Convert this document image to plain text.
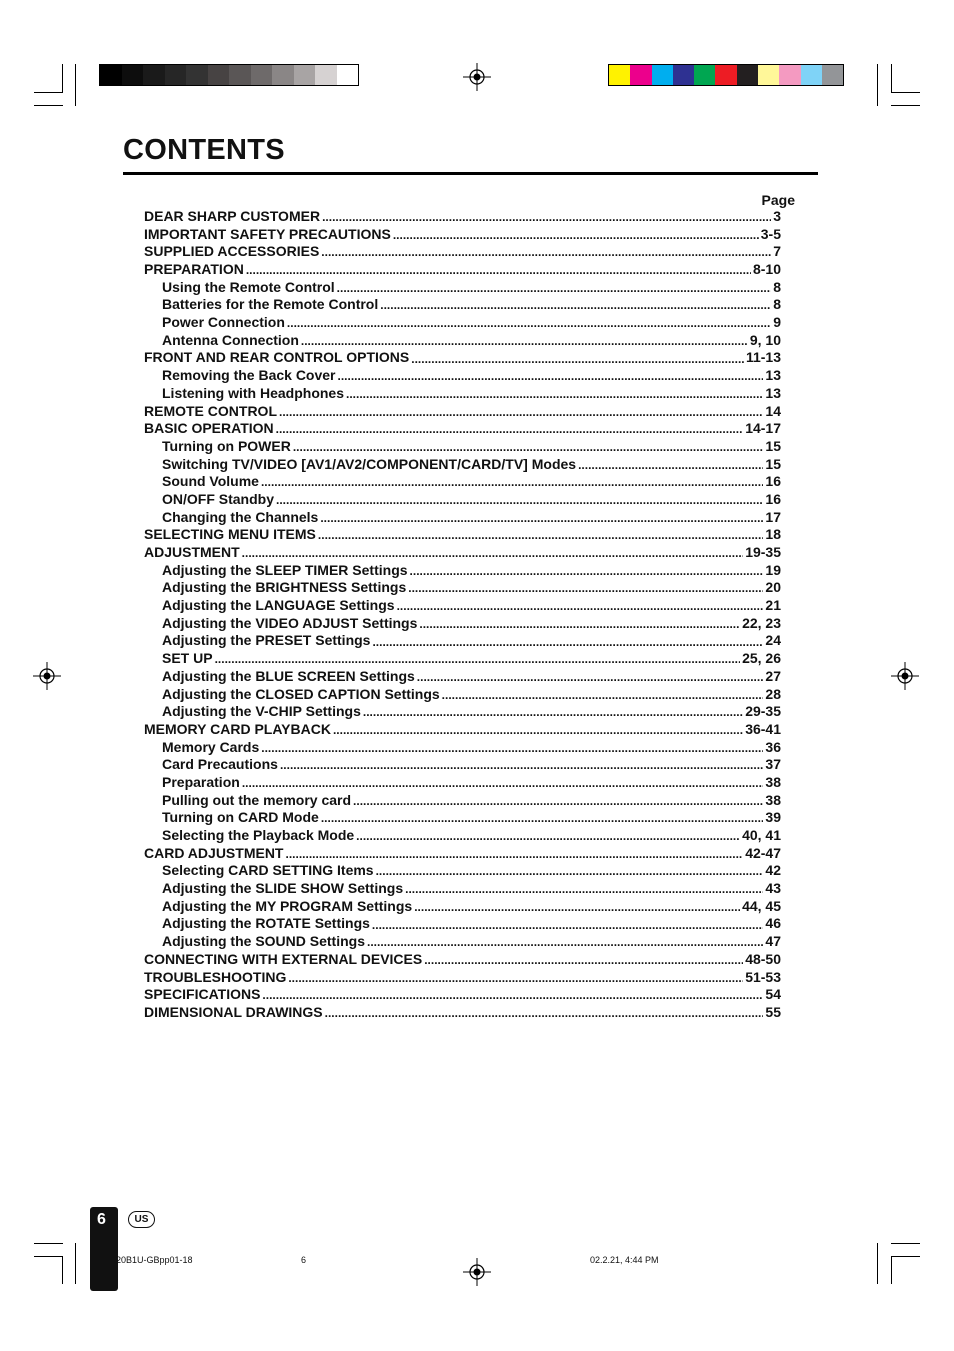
CONTENTS
Page
DEAR SHARP CUSTOMER .....	3
IMPORTANT SAFETY PRECAUTIONS .....	3-5
SUPPLIED ACCESSORIES .....	7
PREPARATION .....	8-10
Using the Remote Control .....	8
Batteries for the Remote Control .....	8
Power Connection .....	9
Antenna Connection .....	9, 10
FRONT AND REAR CONTROL OPTIONS .....	11-13
Removing the Back Cover .....	13
Listening with Headphones .....	13
REMOTE CONTROL .....	14
BASIC OPERATION .....	14-17
Turning on POWER .....	15
Switching TV/VIDEO [AV1/AV2/COMPONENT/CARD/TV] Modes .....	15
Sound Volume .....	16
ON/OFF Standby .....	16
Changing the Channels .....	17
SELECTING MENU ITEMS .....	18
ADJUSTMENT .....	19-35
Adjusting the SLEEP TIMER Settings .....	19
Adjusting the BRIGHTNESS Settings .....	20
Adjusting the LANGUAGE Settings .....	21
Adjusting the VIDEO ADJUST Settings .....	22, 23
Adjusting the PRESET Settings .....	24
SET UP .....	25, 26
Adjusting the BLUE SCREEN Settings .....	27
Adjusting the CLOSED CAPTION Settings .....	28
Adjusting the V-CHIP Settings .....	29-35
MEMORY CARD PLAYBACK .....	36-41
Memory Cards .....	36
Card Precautions .....	37
Preparation .....	38
Pulling out the memory card .....	38
Turning on CARD Mode .....	39
Selecting the Playback Mode .....	40, 41
CARD ADJUSTMENT .....	42-47
Selecting CARD SETTING Items .....	42
Adjusting the SLIDE SHOW Settings .....	43
Adjusting the MY PROGRAM Settings .....	44, 45
Adjusting the ROTATE Settings .....	46
Adjusting the SOUND Settings .....	47
CONNECTING WITH EXTERNAL DEVICES .....	48-50
TROUBLESHOOTING .....	51-53
SPECIFICATIONS .....	54
DIMENSIONAL DRAWINGS .....	55
6	US
20B1U-GBpp01-18	6	02.2.21, 4:44 PM
